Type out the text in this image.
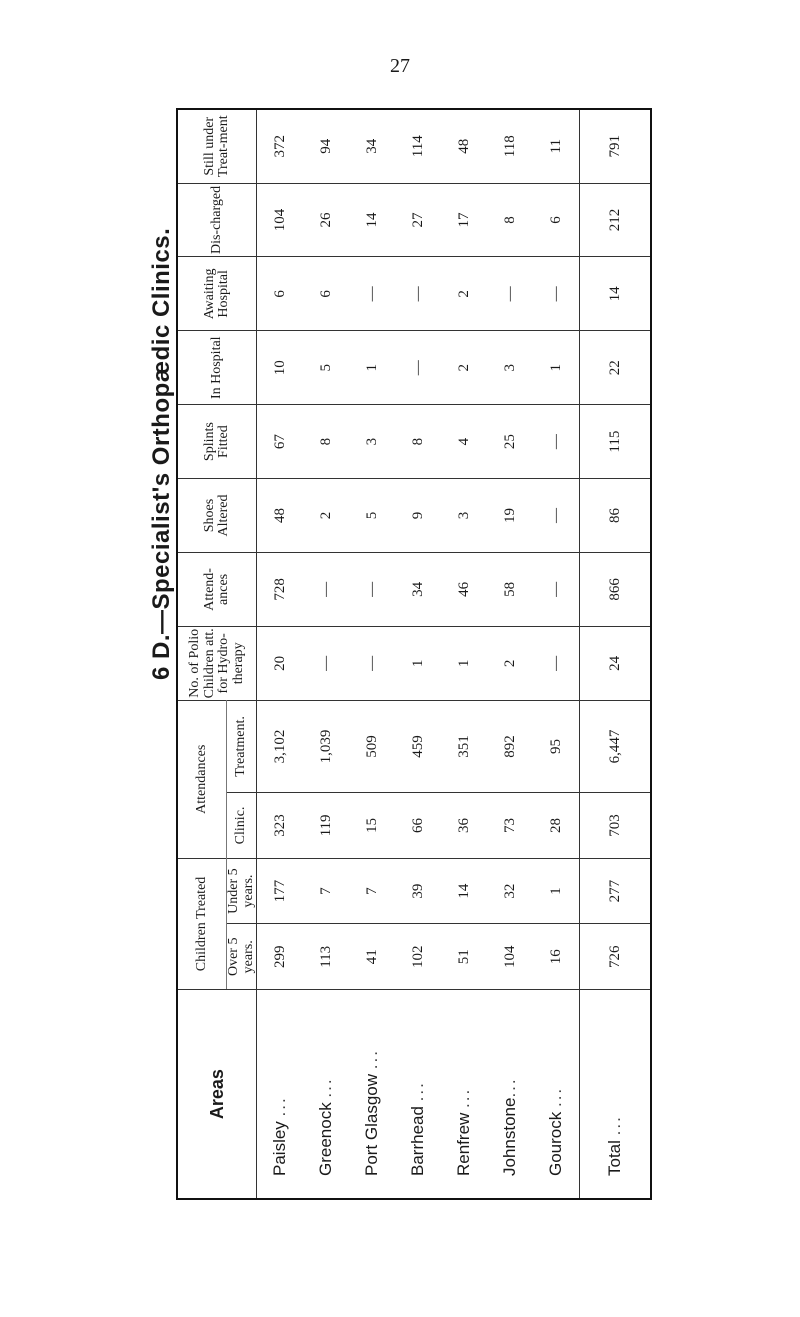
27
6 D.—Specialist's Orthopædic Clinics.
Areas	Children Treated		Attendances		No. of Polio Children att. for Hydro-therapy	Attend-ances	Shoes Altered	Splints Fitted	In Hospital	Awaiting Hospital	Dis-charged	Still under Treat-ment
	Over 5 years.	Under 5 years.	Clinic.	Treatment.								
Paisley ...	299	177	323	3,102	20	728	48	67	10	6	104	372
Greenock ...	113	7	119	1,039	—	—	2	8	5	6	26	94
Port Glasgow ...	41	7	15	509	—	—	5	3	1	—	14	34
Barrhead ...	102	39	66	459	1	34	9	8	—	—	27	114
Renfrew ...	51	14	36	351	1	46	3	4	2	2	17	48
Johnstone...	104	32	73	892	2	58	19	25	3	—	8	118
Gourock ...	16	1	28	95	—	—	—	—	1	—	6	11
Total ...	726	277	703	6,447	24	866	86	115	22	14	212	791
